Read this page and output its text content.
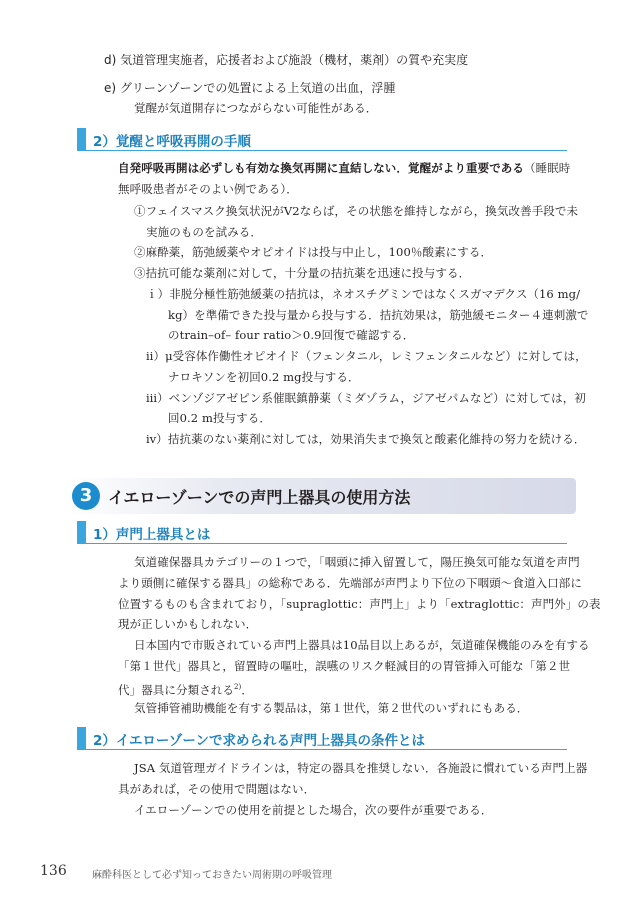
d) 気道管理実施者，応援者および施設（機材，薬剤）の質や充実度
e) グリーンゾーンでの処置による上気道の出血，浮腫
覚醒が気道開存につながらない可能性がある．
2）覚醒と呼吸再開の手順
自発呼吸再開は必ずしも有効な換気再開に直結しない．覚醒がより重要である（睡眠時
無呼吸患者がそのよい例である）．
①フェイスマスク換気状況がV2ならば，その状態を維持しながら，換気改善手段で未
実施のものを試みる．
②麻酔薬，筋弛緩薬やオピオイドは投与中止し，100％酸素にする．
③拮抗可能な薬剤に対して，十分量の拮抗薬を迅速に投与する．
ｉ）非脱分極性筋弛緩薬の拮抗は，ネオスチグミンではなくスガマデクス（16 mg/
kg）を準備できた投与量から投与する．拮抗効果は，筋弛緩モニター４連刺激で
のtrain–of– four ratio＞0.9回復で確認する．
ⅱ）μ受容体作働性オピオイド（フェンタニル，レミフェンタニルなど）に対しては，
ナロキソンを初回0.2 mg投与する．
ⅲ）ベンゾジアゼピン系催眠鎮静薬（ミダゾラム，ジアゼパムなど）に対しては，初
回0.2 m投与する．
ⅳ）拮抗薬のない薬剤に対しては，効果消失まで換気と酸素化維持の努力を続ける．
3 イエローゾーンでの声門上器具の使用方法
1）声門上器具とは
気道確保器具カテゴリーの１つで，「咽頭に挿入留置して，陽圧換気可能な気道を声門
より頭側に確保する器具」の総称である．先端部が声門より下位の下咽頭〜食道入口部に
位置するものも含まれており，「supraglottic：声門上」より「extraglottic：声門外」の表
現が正しいかもしれない．
日本国内で市販されている声門上器具は10品目以上あるが，気道確保機能のみを有する
「第１世代」器具と，留置時の嘔吐，誤嚥のリスク軽減目的の胃管挿入可能な「第２世
代」器具に分類される$^{2)}$．
気管挿管補助機能を有する製品は，第１世代，第２世代のいずれにもある．
2）イエローゾーンで求められる声門上器具の条件とは
JSA 気道管理ガイドラインは，特定の器具を推奨しない．各施設に慣れている声門上器
具があれば，その使用で問題はない．
イエローゾーンでの使用を前提とした場合，次の要件が重要である．
136	麻酔科医として必ず知っておきたい周術期の呼吸管理
